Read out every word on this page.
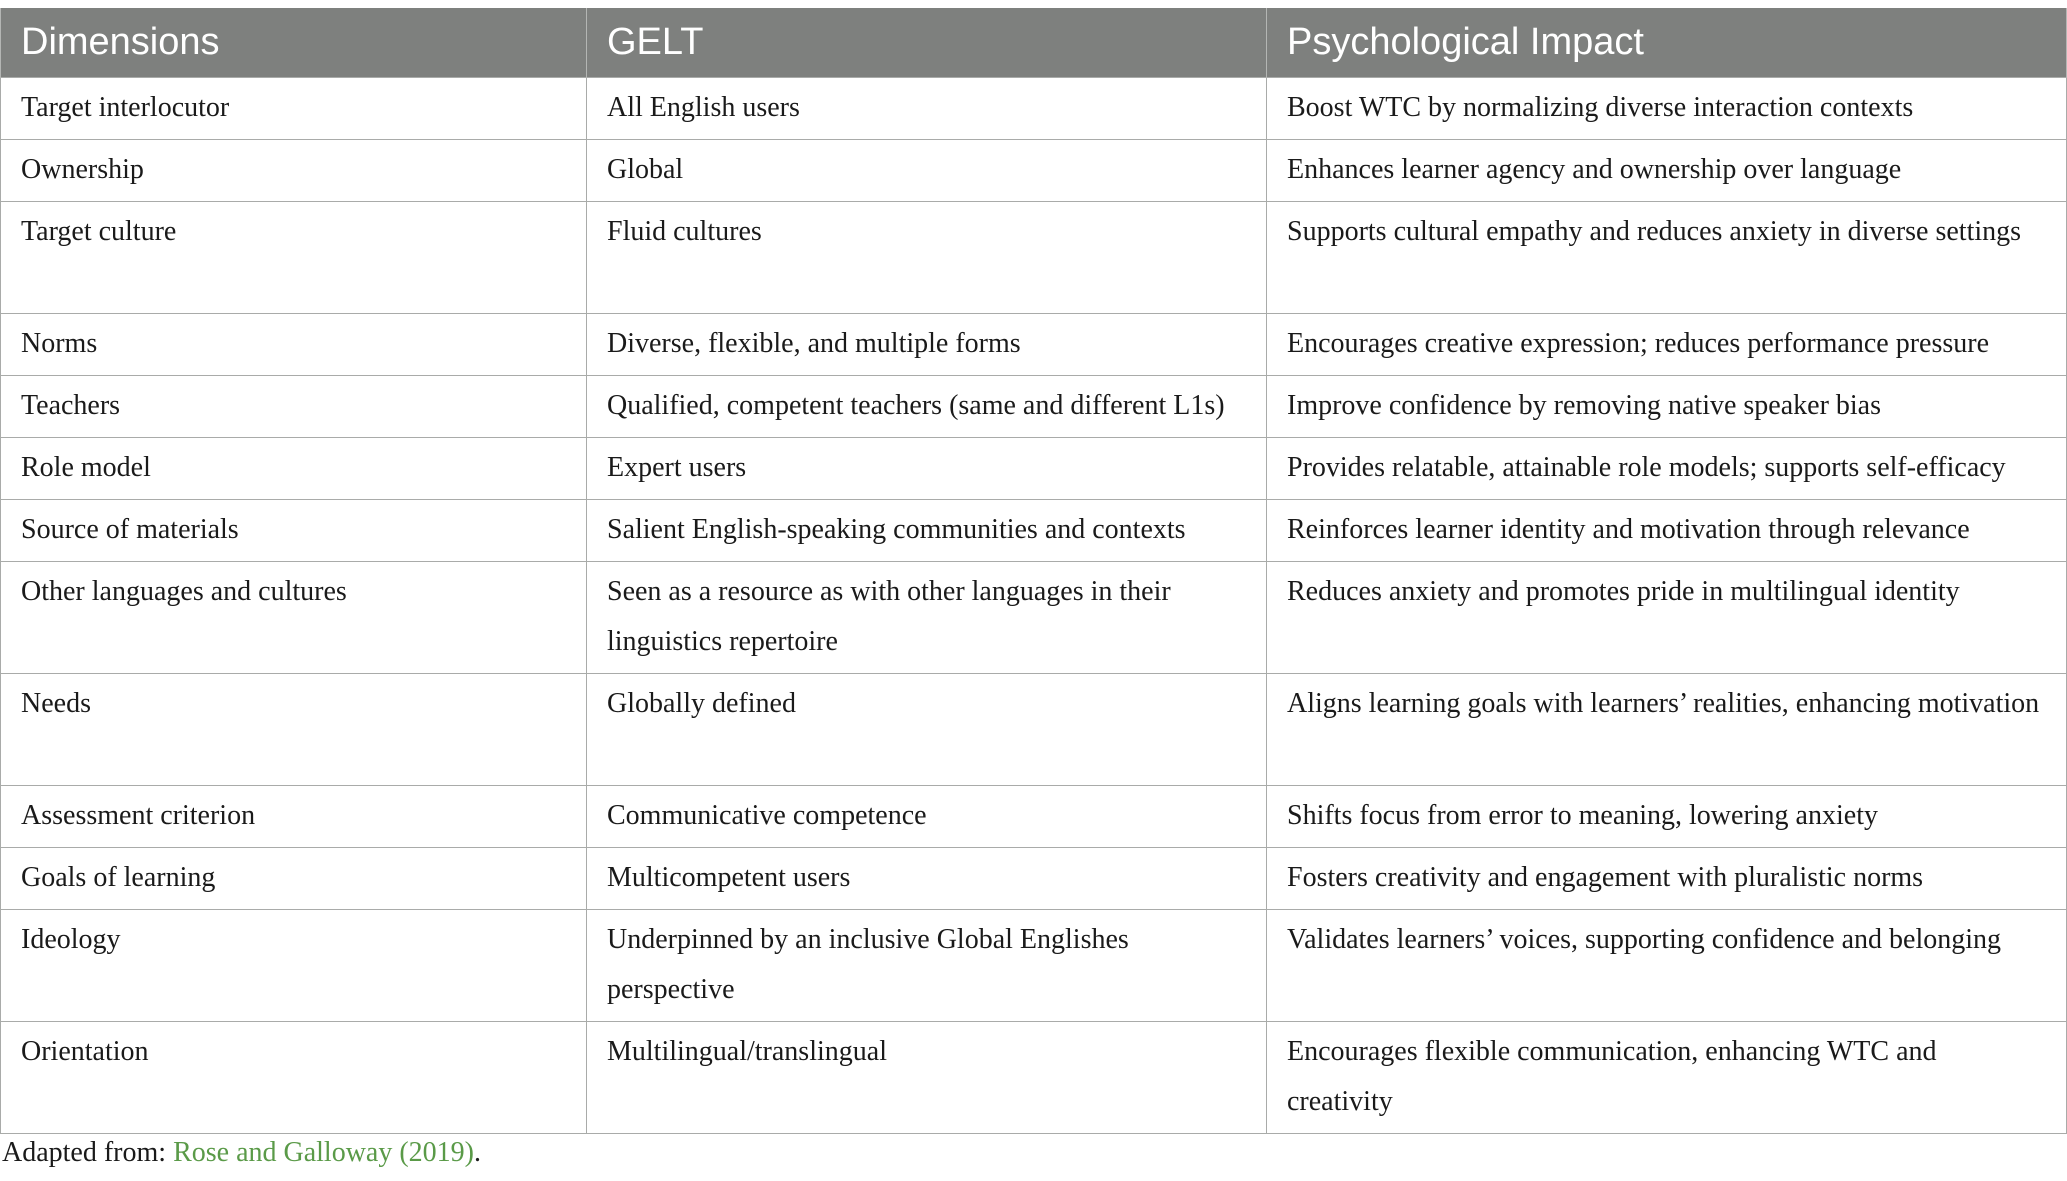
Dimensions	GELT	Psychological Impact
Target interlocutor	All English users	Boost WTC by normalizing diverse interaction contexts
Ownership	Global	Enhances learner agency and ownership over language
Target culture	Fluid cultures	Supports cultural empathy and reduces anxiety in diverse settings
Norms	Diverse, flexible, and multiple forms	Encourages creative expression; reduces performance pressure
Teachers	Qualified, competent teachers (same and different L1s)	Improve confidence by removing native speaker bias
Role model	Expert users	Provides relatable, attainable role models; supports self-efficacy
Source of materials	Salient English-speaking communities and contexts	Reinforces learner identity and motivation through relevance
Other languages and cultures	Seen as a resource as with other languages in their linguistics repertoire	Reduces anxiety and promotes pride in multilingual identity
Needs	Globally defined	Aligns learning goals with learners’ realities, enhancing motivation
Assessment criterion	Communicative competence	Shifts focus from error to meaning, lowering anxiety
Goals of learning	Multicompetent users	Fosters creativity and engagement with pluralistic norms
Ideology	Underpinned by an inclusive Global Englishes perspective	Validates learners’ voices, supporting confidence and belonging
Orientation	Multilingual/translingual	Encourages flexible communication, enhancing WTC and creativity
Adapted from: Rose and Galloway (2019).
